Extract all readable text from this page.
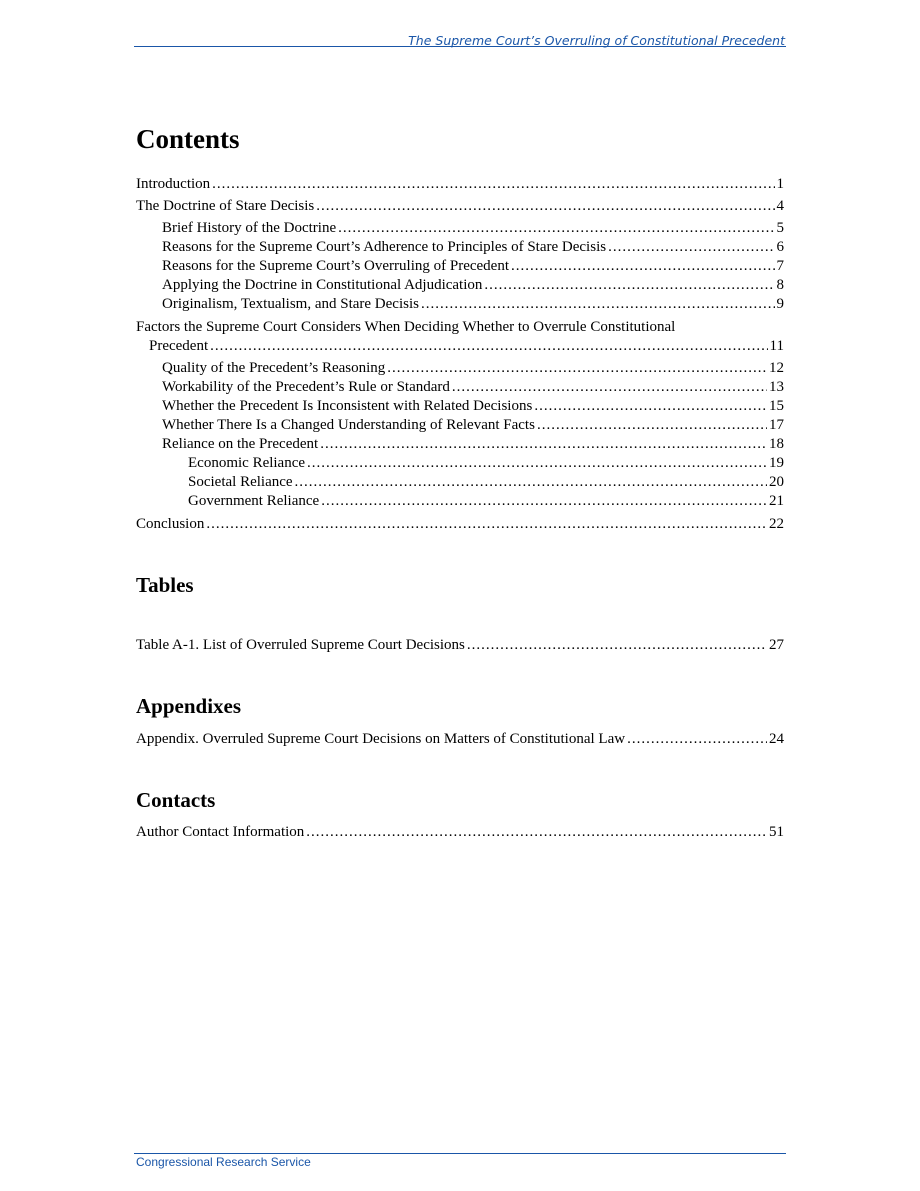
The Supreme Court’s Overruling of Constitutional Precedent
Contents
Introduction .....	1
The Doctrine of Stare Decisis .....	4
Brief History of the Doctrine .....	5
Reasons for the Supreme Court’s Adherence to Principles of Stare Decisis .....	6
Reasons for the Supreme Court’s Overruling of Precedent .....	7
Applying the Doctrine in Constitutional Adjudication .....	8
Originalism, Textualism, and Stare Decisis .....	9
Factors the Supreme Court Considers When Deciding Whether to Overrule Constitutional
Precedent .....	11
Quality of the Precedent’s Reasoning .....	12
Workability of the Precedent’s Rule or Standard .....	13
Whether the Precedent Is Inconsistent with Related Decisions .....	15
Whether There Is a Changed Understanding of Relevant Facts .....	17
Reliance on the Precedent .....	18
Economic Reliance .....	19
Societal Reliance .....	20
Government Reliance .....	21
Conclusion .....	22
Tables
Table A-1. List of Overruled Supreme Court Decisions .....	27
Appendixes
Appendix. Overruled Supreme Court Decisions on Matters of Constitutional Law .....	24
Contacts
Author Contact Information .....	51
Congressional Research Service
